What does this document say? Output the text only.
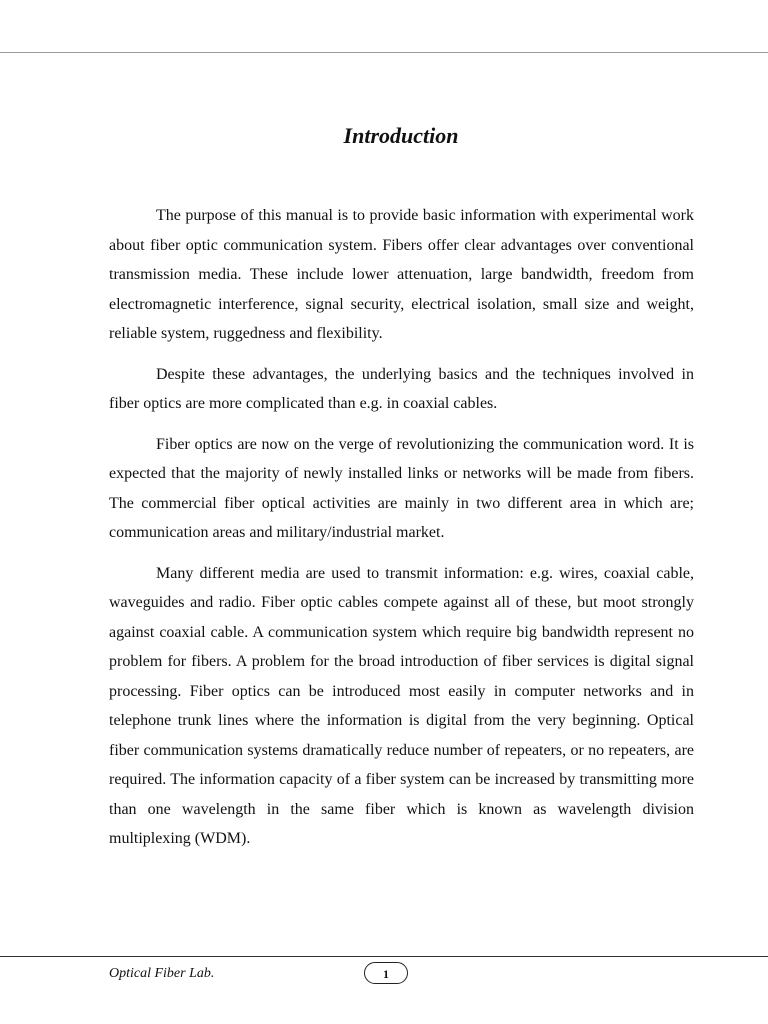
Introduction

The purpose of this manual is to provide basic information with experimental work about fiber optic communication system. Fibers offer clear advantages over conventional transmission media. These include lower attenuation, large bandwidth, freedom from electromagnetic interference, signal security, electrical isolation, small size and weight, reliable system, ruggedness and flexibility.

Despite these advantages, the underlying basics and the techniques involved in fiber optics are more complicated than e.g. in coaxial cables.

Fiber optics are now on the verge of revolutionizing the communication word. It is expected that the majority of newly installed links or networks will be made from fibers. The commercial fiber optical activities are mainly in two different area in which are; communication areas and military/industrial market.

Many different media are used to transmit information: e.g. wires, coaxial cable, waveguides and radio. Fiber optic cables compete against all of these, but moot strongly against coaxial cable. A communication system which require big bandwidth represent no problem for fibers. A problem for the broad introduction of fiber services is digital signal processing. Fiber optics can be introduced most easily in computer networks and in telephone trunk lines where the information is digital from the very beginning. Optical fiber communication systems dramatically reduce number of repeaters, or no repeaters, are required. The information capacity of a fiber system can be increased by transmitting more than one wavelength in the same fiber which is known as wavelength division multiplexing (WDM).

Optical Fiber Lab.	1
